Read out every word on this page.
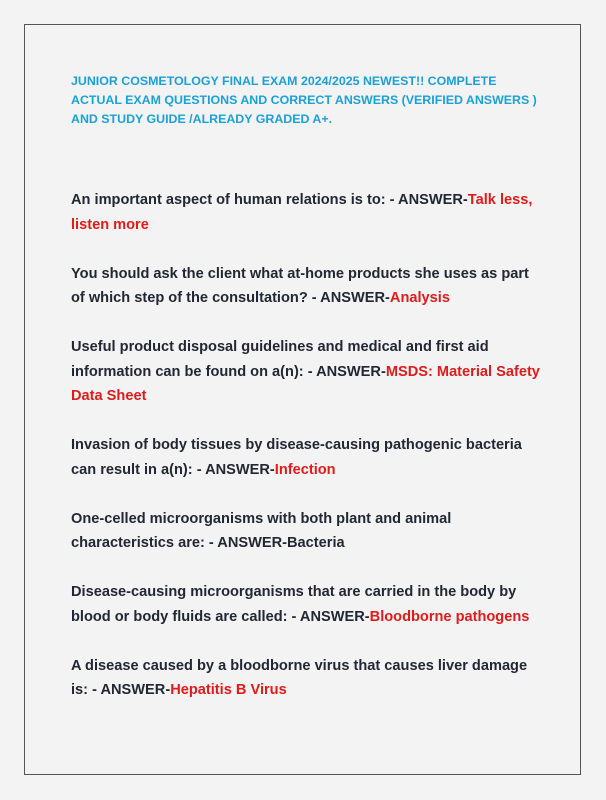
JUNIOR COSMETOLOGY FINAL EXAM 2024/2025 NEWEST!! COMPLETE ACTUAL EXAM QUESTIONS AND CORRECT ANSWERS (VERIFIED ANSWERS ) AND STUDY GUIDE /ALREADY GRADED A+.

An important aspect of human relations is to: - ANSWER-Talk less, listen more

You should ask the client what at-home products she uses as part of which step of the consultation? - ANSWER-Analysis

Useful product disposal guidelines and medical and first aid information can be found on a(n): - ANSWER-MSDS: Material Safety Data Sheet

Invasion of body tissues by disease-causing pathogenic bacteria can result in a(n): - ANSWER-Infection

One-celled microorganisms with both plant and animal characteristics are: - ANSWER-Bacteria

Disease-causing microorganisms that are carried in the body by blood or body fluids are called: - ANSWER-Bloodborne pathogens

A disease caused by a bloodborne virus that causes liver damage is: - ANSWER-Hepatitis B Virus
